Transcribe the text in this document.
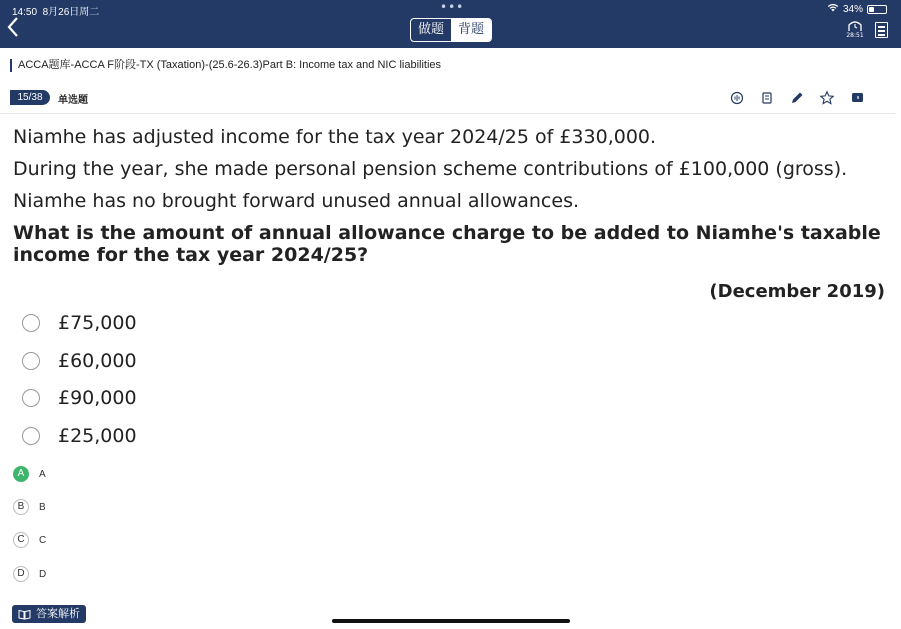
14:50 8月26日周二	•••	34%
做题	背题	28:51
ACCA题库-ACCA F阶段-TX (Taxation)-(25.6-26.3)Part B: Income tax and NIC liabilities
15/38	单选题

Niamhe has adjusted income for the tax year 2024/25 of £330,000.

During the year, she made personal pension scheme contributions of £100,000 (gross).

Niamhe has no brought forward unused annual allowances.

What is the amount of annual allowance charge to be added to Niamhe's taxable income for the tax year 2024/25?

(December 2019)
£75,000
£60,000
£90,000
£25,000
A	A
B	B
C	C
D	D
答案解析
